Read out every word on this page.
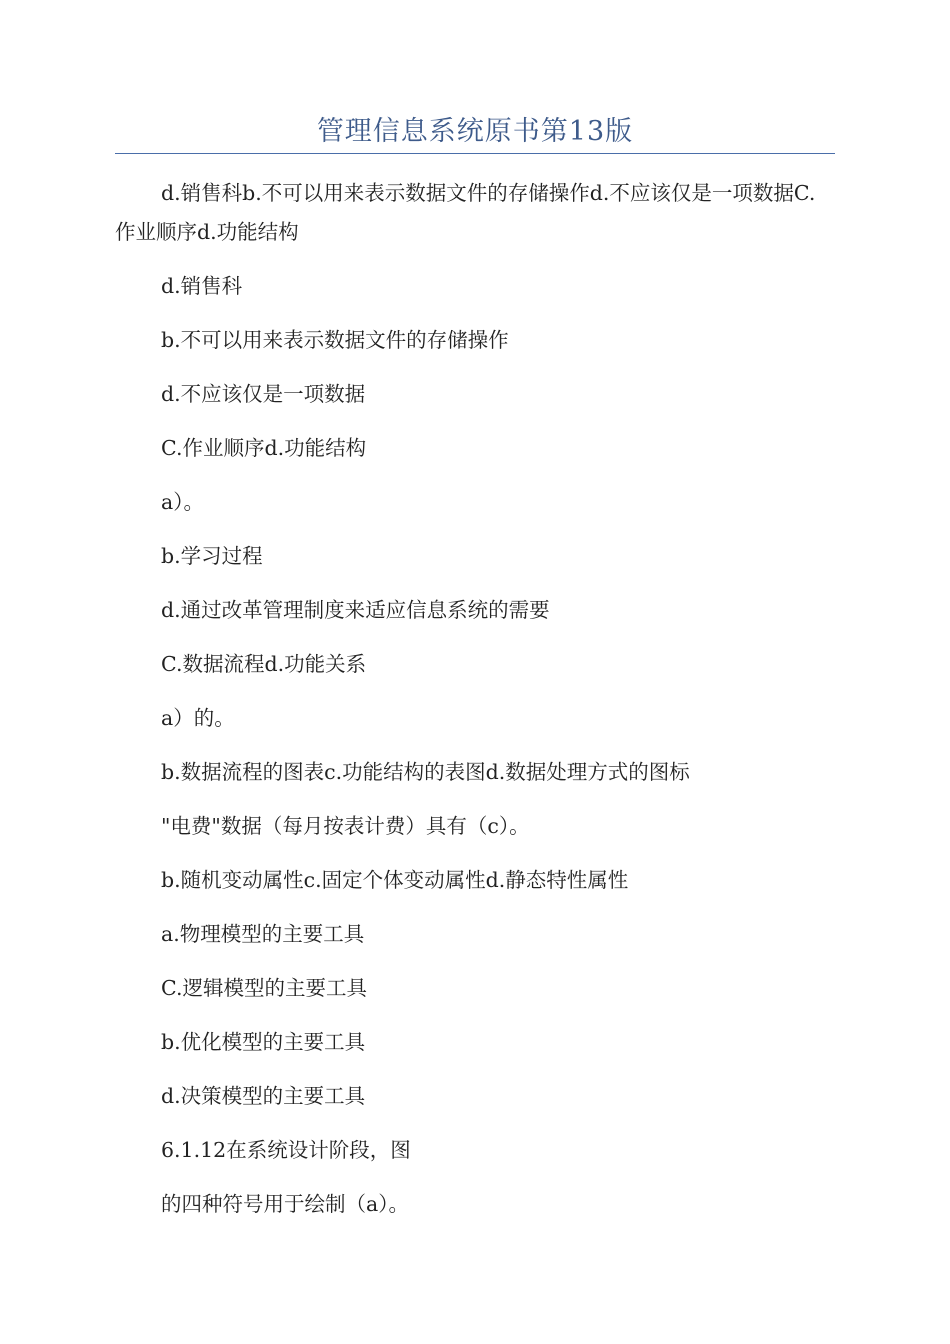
管理信息系统原书第13版

d.销售科b.不可以用来表示数据文件的存储操作d.不应该仅是一项数据C.作业顺序d.功能结构

d.销售科

b.不可以用来表示数据文件的存储操作

d.不应该仅是一项数据

C.作业顺序d.功能结构

a）。

b.学习过程

d.通过改革管理制度来适应信息系统的需要

C.数据流程d.功能关系

a）的。

b.数据流程的图表c.功能结构的表图d.数据处理方式的图标

"电费"数据（每月按表计费）具有（c）。

b.随机变动属性c.固定个体变动属性d.静态特性属性

a.物理模型的主要工具

C.逻辑模型的主要工具

b.优化模型的主要工具

d.决策模型的主要工具

6.1.12在系统设计阶段，图

的四种符号用于绘制（a）。
